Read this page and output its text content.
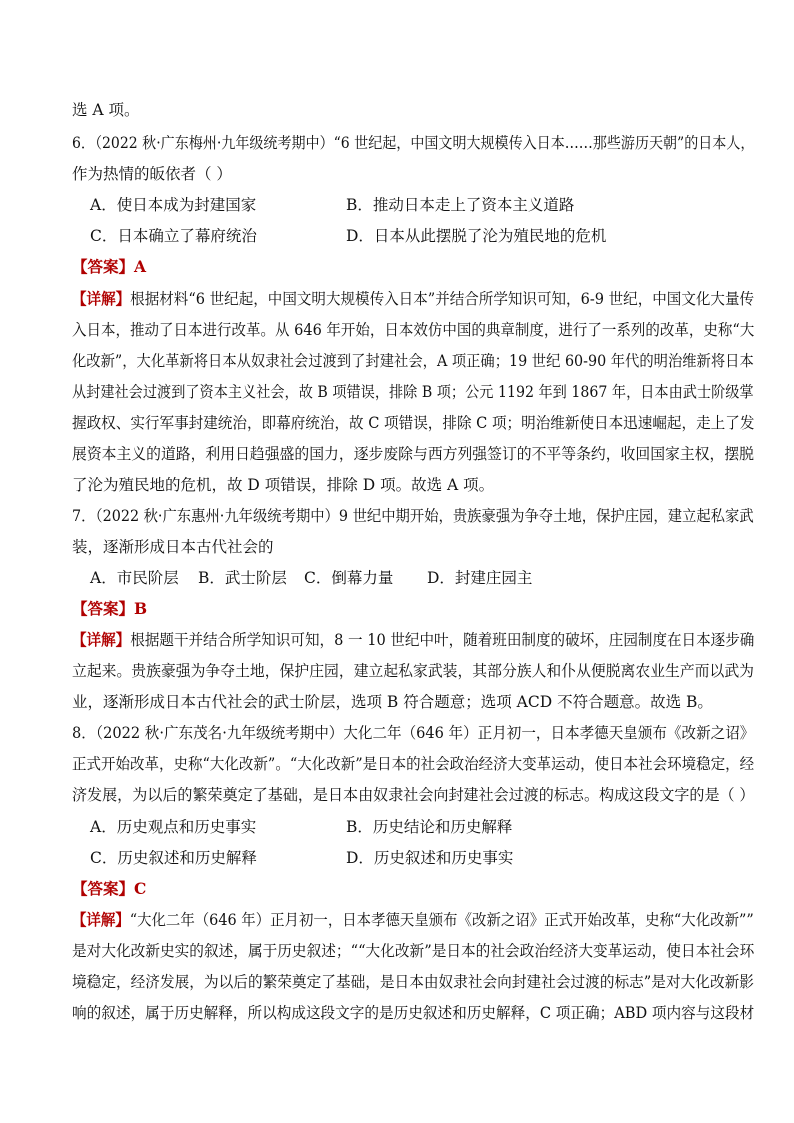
选 A 项。
6．（2022 秋·广东梅州·九年级统考期中）“6 世纪起，中国文明大规模传入日本……那些游历天朝”的日本人，
作为热情的皈依者（ ）
A．使日本成为封建国家	B．推动日本走上了资本主义道路
C．日本确立了幕府统治	D．日本从此摆脱了沦为殖民地的危机
【答案】A
【详解】根据材料“6 世纪起，中国文明大规模传入日本”并结合所学知识可知，6-9 世纪，中国文化大量传
入日本，推动了日本进行改革。从 646 年开始，日本效仿中国的典章制度，进行了一系列的改革，史称“大
化改新”，大化革新将日本从奴隶社会过渡到了封建社会，A 项正确；19 世纪 60-90 年代的明治维新将日本
从封建社会过渡到了资本主义社会，故 B 项错误，排除 B 项；公元 1192 年到 1867 年，日本由武士阶级掌
握政权、实行军事封建统治，即幕府统治，故 C 项错误，排除 C 项；明治维新使日本迅速崛起，走上了发
展资本主义的道路，利用日趋强盛的国力，逐步废除与西方列强签订的不平等条约，收回国家主权，摆脱
了沦为殖民地的危机，故 D 项错误，排除 D 项。故选 A 项。
7．（2022 秋·广东惠州·九年级统考期中）9 世纪中期开始，贵族豪强为争夺土地，保护庄园，建立起私家武
装，逐渐形成日本古代社会的
A．市民阶层 B．武士阶层 C．倒幕力量 D．封建庄园主
【答案】B
【详解】根据题干并结合所学知识可知，8 一 10 世纪中叶，随着班田制度的破坏，庄园制度在日本逐步确
立起来。贵族豪强为争夺土地，保护庄园，建立起私家武装，其部分族人和仆从便脱离农业生产而以武为
业，逐渐形成日本古代社会的武士阶层，选项 B 符合题意；选项 ACD 不符合题意。故选 B。
8．（2022 秋·广东茂名·九年级统考期中）大化二年（646 年）正月初一，日本孝德天皇颁布《改新之诏》
正式开始改革，史称“大化改新”。“大化改新”是日本的社会政治经济大变革运动，使日本社会环境稳定，经
济发展，为以后的繁荣奠定了基础，是日本由奴隶社会向封建社会过渡的标志。构成这段文字的是（ ）
A．历史观点和历史事实	B．历史结论和历史解释
C．历史叙述和历史解释	D．历史叙述和历史事实
【答案】C
【详解】“大化二年（646 年）正月初一，日本孝德天皇颁布《改新之诏》正式开始改革，史称“大化改新””
是对大化改新史实的叙述，属于历史叙述；““大化改新”是日本的社会政治经济大变革运动，使日本社会环
境稳定，经济发展，为以后的繁荣奠定了基础，是日本由奴隶社会向封建社会过渡的标志”是对大化改新影
响的叙述，属于历史解释，所以构成这段文字的是历史叙述和历史解释，C 项正确；ABD 项内容与这段材
